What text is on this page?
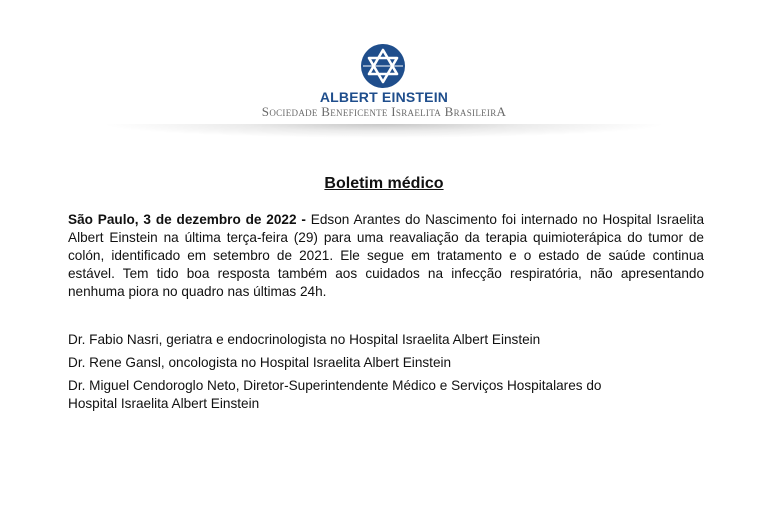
ALBERT EINSTEIN
Sociedade Beneficente Israelita BrasileirA
Boletim médico
São Paulo, 3 de dezembro de 2022 - Edson Arantes do Nascimento foi internado no Hospital Israelita Albert Einstein na última terça-feira (29) para uma reavaliação da terapia quimioterápica do tumor de colón, identificado em setembro de 2021. Ele segue em tratamento e o estado de saúde continua estável. Tem tido boa resposta também aos cuidados na infecção respiratória, não apresentando nenhuma piora no quadro nas últimas 24h.
Dr. Fabio Nasri, geriatra e endocrinologista no Hospital Israelita Albert Einstein
Dr. Rene Gansl, oncologista no Hospital Israelita Albert Einstein
Dr. Miguel Cendoroglo Neto, Diretor-Superintendente Médico e Serviços Hospitalares do
Hospital Israelita Albert Einstein
